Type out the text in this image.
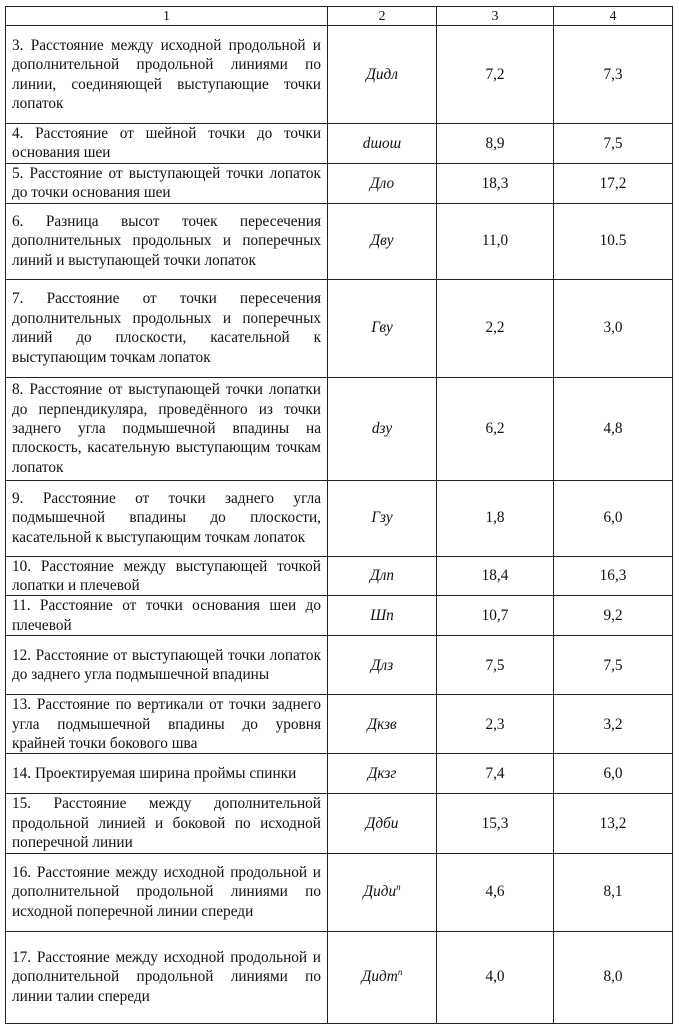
1	2	3	4
3. Расстояние между исходной продольной и дополнительной продольной линиями по линии, соединяющей выступающие точки лопаток	Дидл	7,2	7,3
4. Расстояние от шейной точки до точки основания шеи	dшош	8,9	7,5
5. Расстояние от выступающей точки лопаток до точки основания шеи	Дло	18,3	17,2
6. Разница высот точек пересечения дополнительных продольных и поперечных линий и выступающей точки лопаток	Дву	11,0	10.5
7. Расстояние от точки пересечения дополнительных продольных и поперечных линий до плоскости, касательной к выступающим точкам лопаток	Гву	2,2	3,0
8. Расстояние от выступающей точки лопатки до перпендикуляра, проведённого из точки заднего угла подмышечной впадины на плоскость, касательную выступающим точкам лопаток	dзу	6,2	4,8
9. Расстояние от точки заднего угла подмышечной впадины до плоскости, касательной к выступающим точкам лопаток	Гзу	1,8	6,0
10. Расстояние между выступающей точкой лопатки и плечевой	Длп	18,4	16,3
11. Расстояние от точки основания шеи до плечевой	Шп	10,7	9,2
12. Расстояние от выступающей точки лопаток до заднего угла подмышечной впадины	Длз	7,5	7,5
13. Расстояние по вертикали от точки заднего угла подмышечной впадины до уровня крайней точки бокового шва	Дкзв	2,3	3,2
14. Проектируемая ширина проймы спинки	Дкзг	7,4	6,0
15. Расстояние между дополнительной продольной линией и боковой по исходной поперечной линии	Ддби	15,3	13,2
16. Расстояние между исходной продольной и дополнительной продольной линиями по исходной поперечной линии спереди	Дидип	4,6	8,1
17. Расстояние между исходной продольной и дополнительной продольной линиями по линии талии спереди	Дидтп	4,0	8,0
